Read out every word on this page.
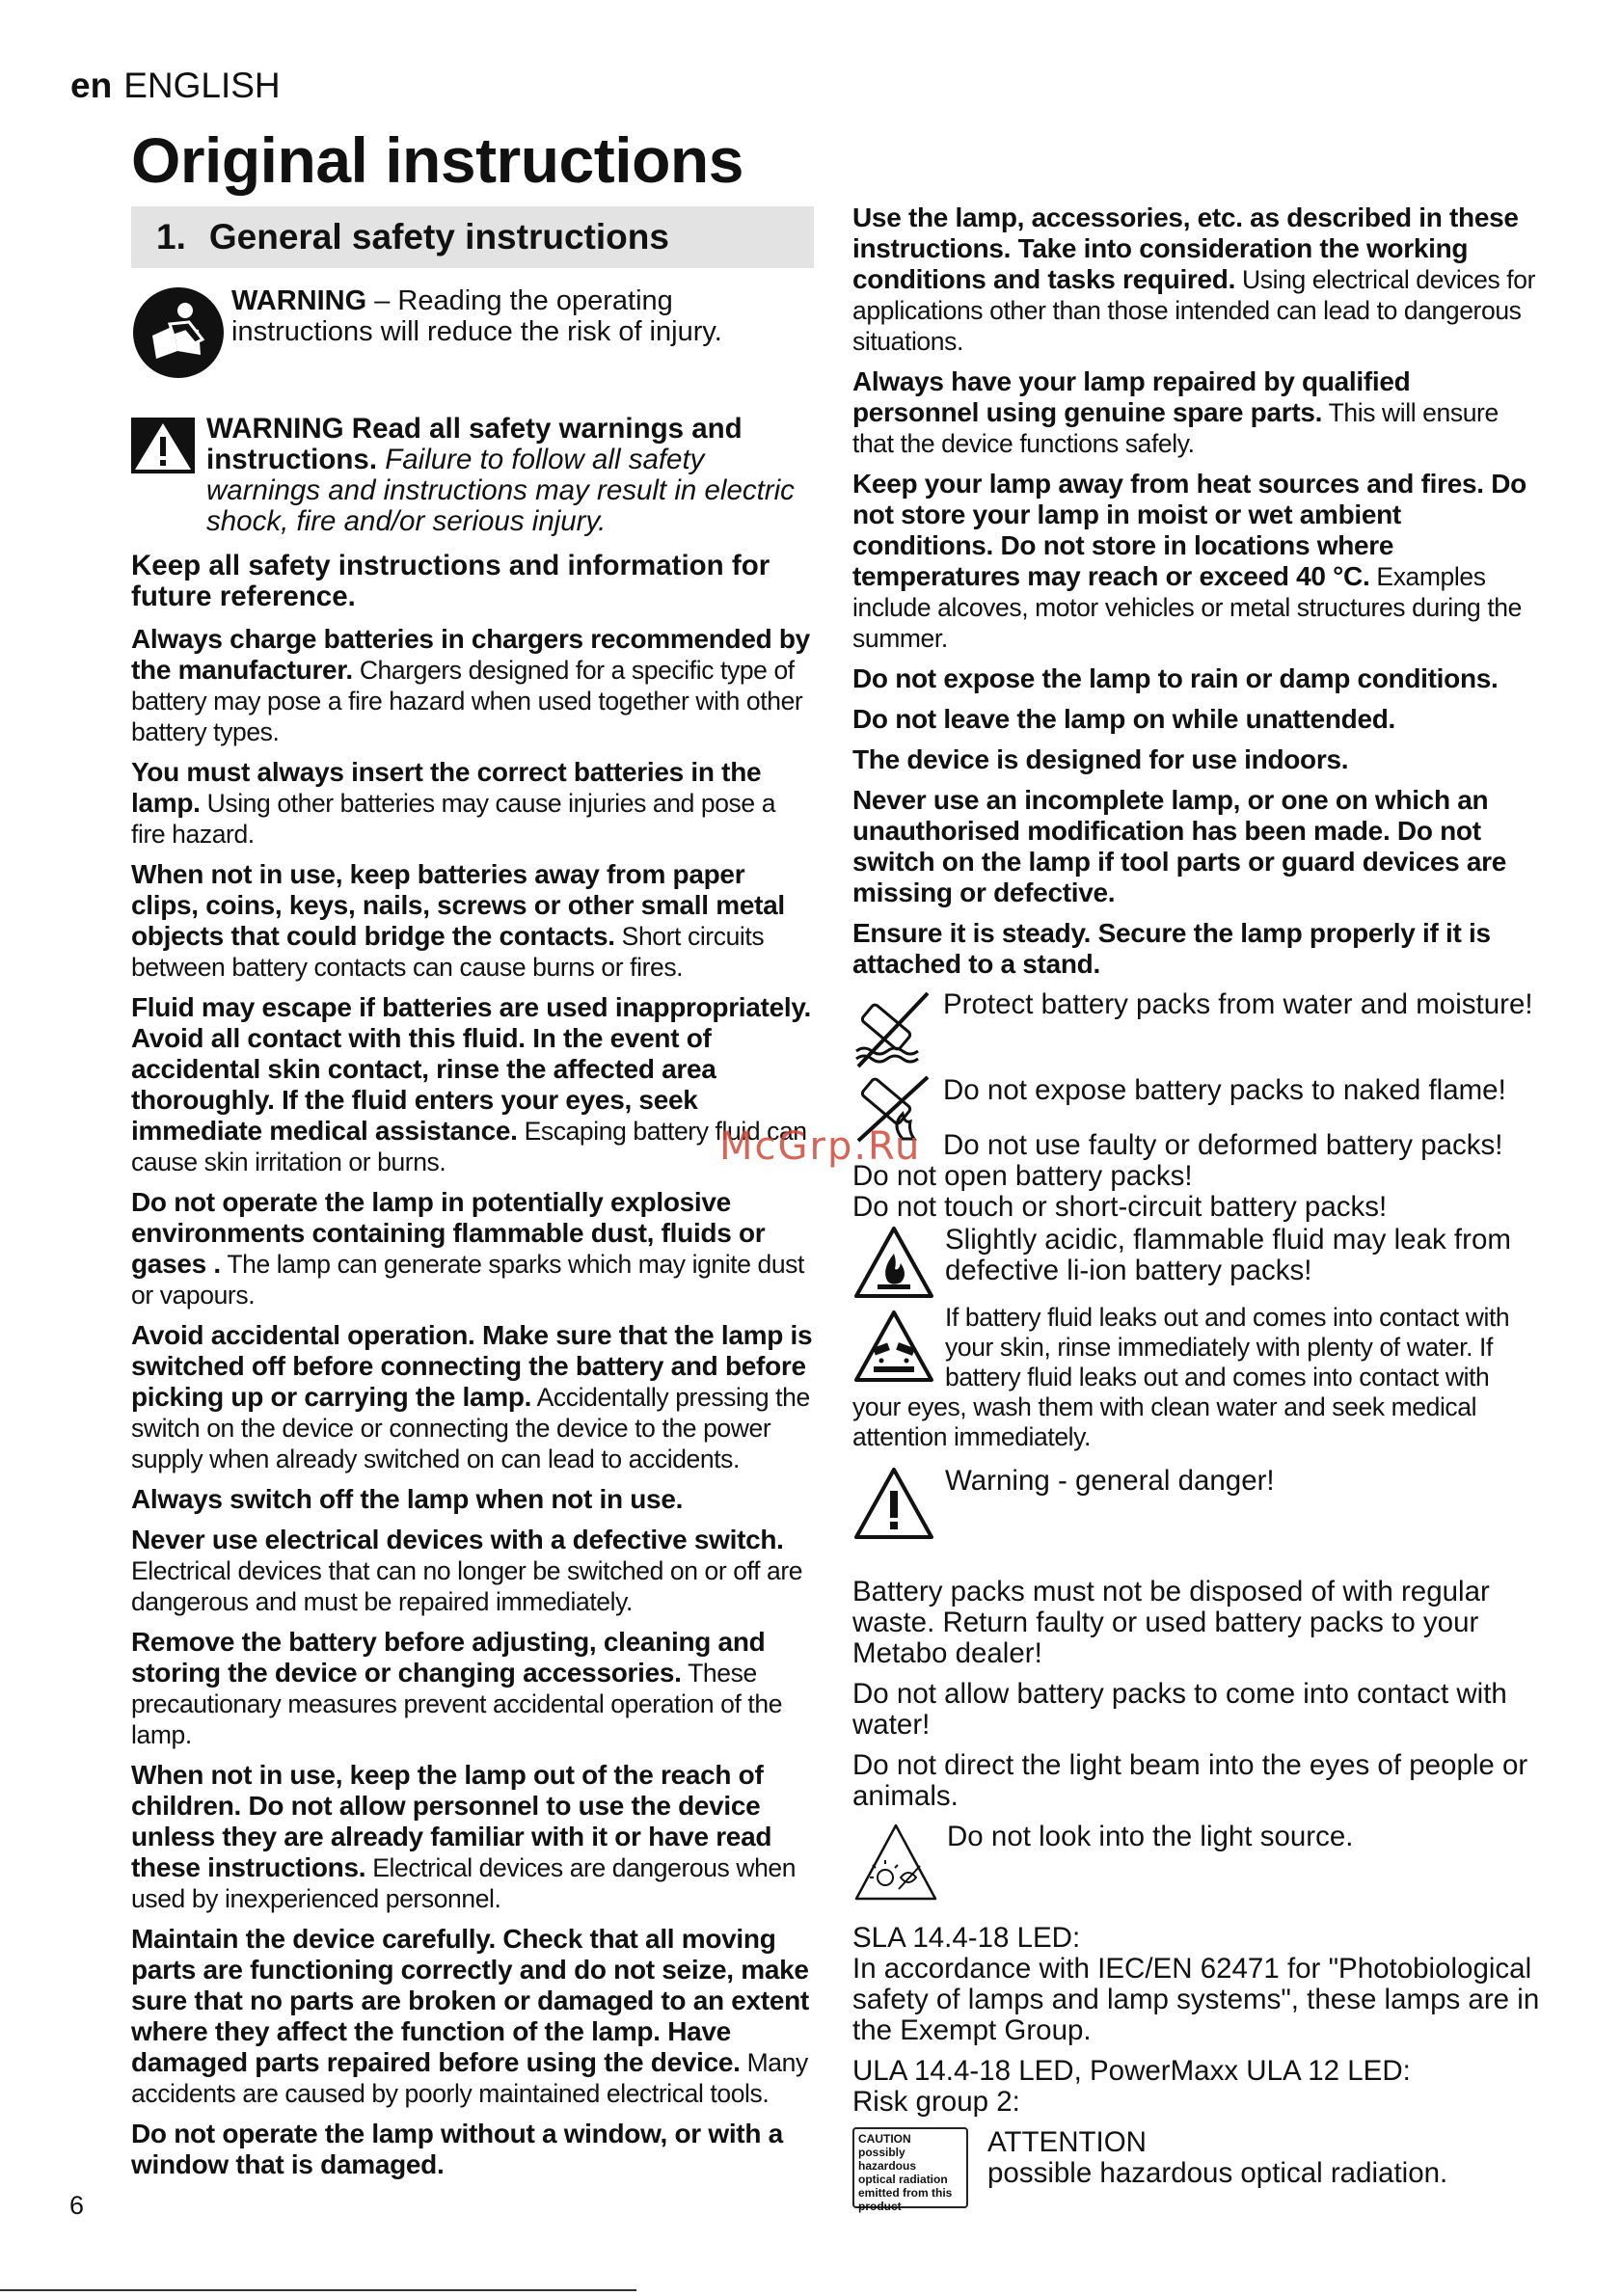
en ENGLISH
Original instructions
1. General safety instructions
WARNING – Reading the operating instructions will reduce the risk of injury.
WARNING Read all safety warnings and instructions. Failure to follow all safety warnings and instructions may result in electric shock, fire and/or serious injury.

Keep all safety instructions and information for future reference.

Always charge batteries in chargers recommended by the manufacturer. Chargers designed for a specific type of battery may pose a fire hazard when used together with other battery types.

You must always insert the correct batteries in the lamp. Using other batteries may cause injuries and pose a fire hazard.

When not in use, keep batteries away from paper clips, coins, keys, nails, screws or other small metal objects that could bridge the contacts. Short circuits between battery contacts can cause burns or fires.

Fluid may escape if batteries are used inappropriately. Avoid all contact with this fluid. In the event of accidental skin contact, rinse the affected area thoroughly. If the fluid enters your eyes, seek immediate medical assistance. Escaping battery fluid can cause skin irritation or burns.

Do not operate the lamp in potentially explosive environments containing flammable dust, fluids or gases . The lamp can generate sparks which may ignite dust or vapours.

Avoid accidental operation. Make sure that the lamp is switched off before connecting the battery and before picking up or carrying the lamp. Accidentally pressing the switch on the device or connecting the device to the power supply when already switched on can lead to accidents.

Always switch off the lamp when not in use.

Never use electrical devices with a defective switch. Electrical devices that can no longer be switched on or off are dangerous and must be repaired immediately.

Remove the battery before adjusting, cleaning and storing the device or changing accessories. These precautionary measures prevent accidental operation of the lamp.

When not in use, keep the lamp out of the reach of children. Do not allow personnel to use the device unless they are already familiar with it or have read these instructions. Electrical devices are dangerous when used by inexperienced personnel.

Maintain the device carefully. Check that all moving parts are functioning correctly and do not seize, make sure that no parts are broken or damaged to an extent where they affect the function of the lamp. Have damaged parts repaired before using the device. Many accidents are caused by poorly maintained electrical tools.

Do not operate the lamp without a window, or with a window that is damaged.

Use the lamp, accessories, etc. as described in these instructions. Take into consideration the working conditions and tasks required. Using electrical devices for applications other than those intended can lead to dangerous situations.

Always have your lamp repaired by qualified personnel using genuine spare parts. This will ensure that the device functions safely.

Keep your lamp away from heat sources and fires. Do not store your lamp in moist or wet ambient conditions. Do not store in locations where temperatures may reach or exceed 40 °C. Examples include alcoves, motor vehicles or metal structures during the summer.

Do not expose the lamp to rain or damp conditions.

Do not leave the lamp on while unattended.

The device is designed for use indoors.

Never use an incomplete lamp, or one on which an unauthorised modification has been made. Do not switch on the lamp if tool parts or guard devices are missing or defective.

Ensure it is steady. Secure the lamp properly if it is attached to a stand.

Protect battery packs from water and moisture!
Do not expose battery packs to naked flame!
Do not use faulty or deformed battery packs!
Do not open battery packs!
Do not touch or short-circuit battery packs!
Slightly acidic, flammable fluid may leak from defective li-ion battery packs!
If battery fluid leaks out and comes into contact with your skin, rinse immediately with plenty of water. If battery fluid leaks out and comes into contact with your eyes, wash them with clean water and seek medical attention immediately.
Warning - general danger!

Battery packs must not be disposed of with regular waste. Return faulty or used battery packs to your Metabo dealer!

Do not allow battery packs to come into contact with water!

Do not direct the light beam into the eyes of people or animals.

Do not look into the light source.

SLA 14.4-18 LED:
In accordance with IEC/EN 62471 for "Photobiological safety of lamps and lamp systems", these lamps are in the Exempt Group.

ULA 14.4-18 LED, PowerMaxx ULA 12 LED:
Risk group 2:

CAUTION
possibly hazardous
optical radiation
emitted from this
product
ATTENTION
possible hazardous optical radiation.
McGrp.Ru
6
